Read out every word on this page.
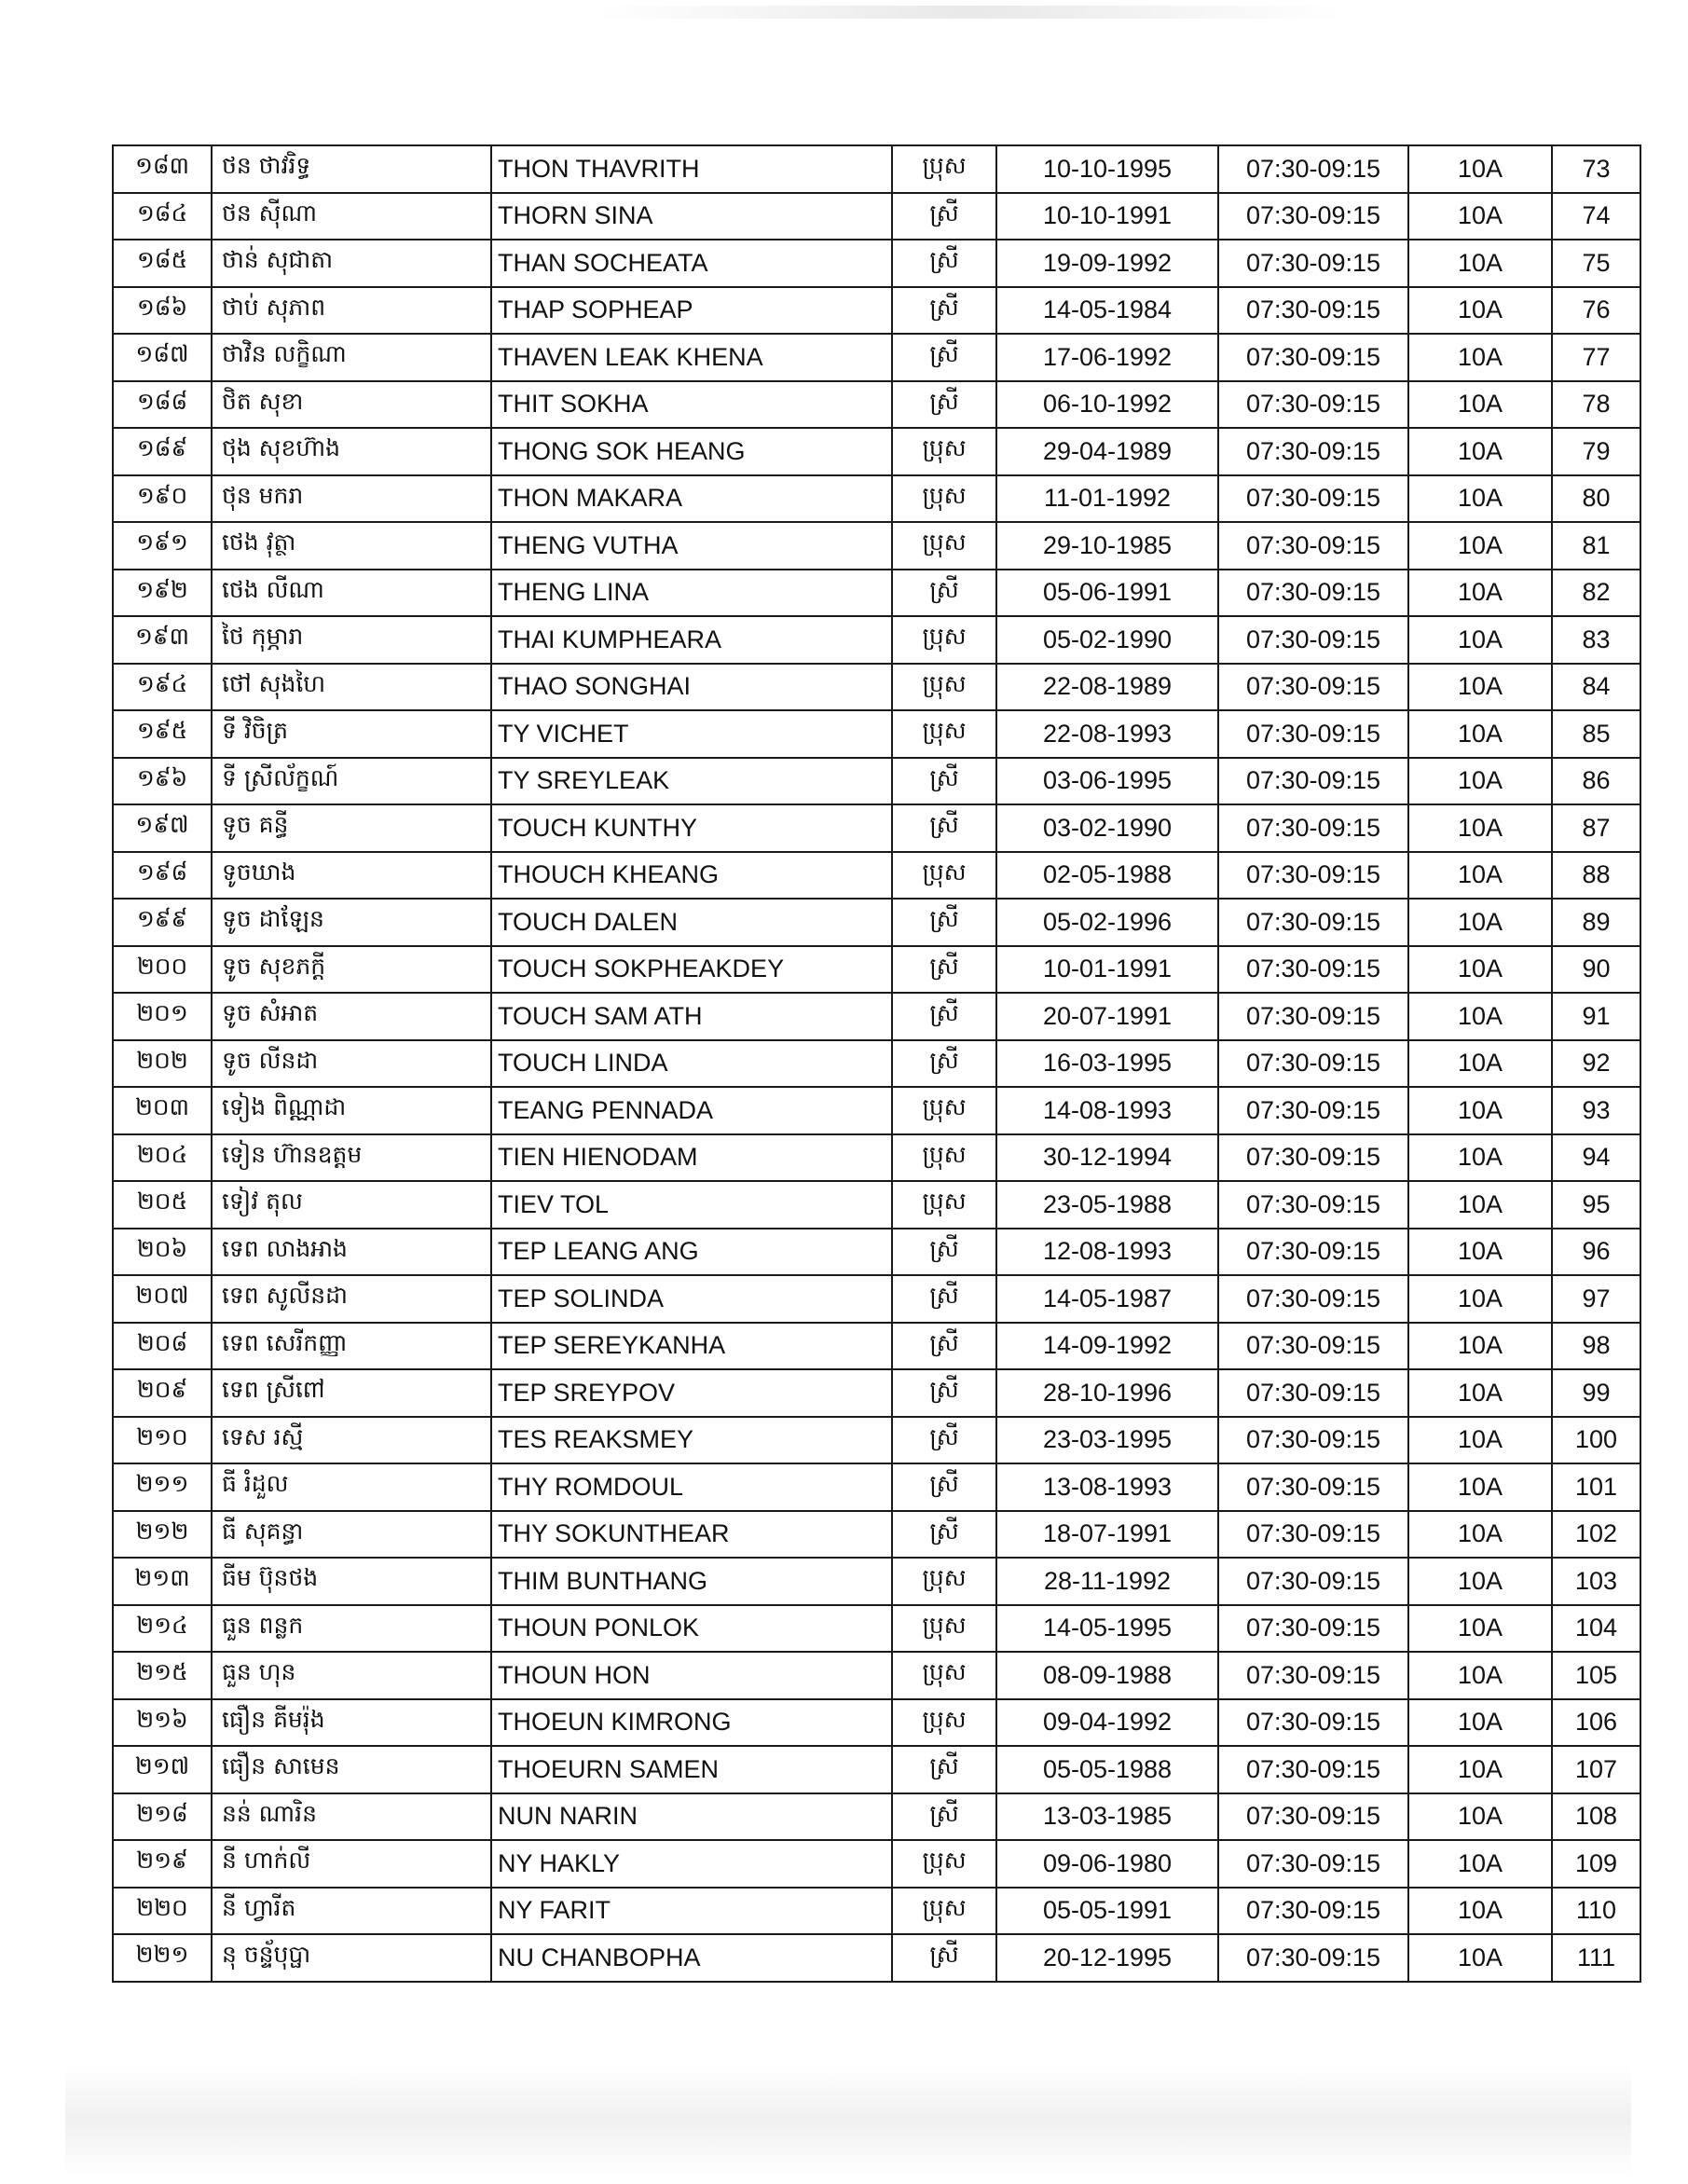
១៨៣	ថន ថាវរិទ្ធ	THON THAVRITH	ប្រុស	10-10-1995	07:30-09:15	10A	73
១៨៤	ថន ស៊ីណា	THORN SINA	ស្រី	10-10-1991	07:30-09:15	10A	74
១៨៥	ថាន់ សុជាតា	THAN SOCHEATA	ស្រី	19-09-1992	07:30-09:15	10A	75
១៨៦	ថាប់ សុភាព	THAP SOPHEAP	ស្រី	14-05-1984	07:30-09:15	10A	76
១៨៧	ថាវិន លក្ខិណា	THAVEN LEAK KHENA	ស្រី	17-06-1992	07:30-09:15	10A	77
១៨៨	ថិត សុខា	THIT SOKHA	ស្រី	06-10-1992	07:30-09:15	10A	78
១៨៩	ថុង សុខហ៊ាង	THONG SOK HEANG	ប្រុស	29-04-1989	07:30-09:15	10A	79
១៩០	ថុន មករា	THON MAKARA	ប្រុស	11-01-1992	07:30-09:15	10A	80
១៩១	ថេង វុត្ថា	THENG VUTHA	ប្រុស	29-10-1985	07:30-09:15	10A	81
១៩២	ថេង លីណា	THENG LINA	ស្រី	05-06-1991	07:30-09:15	10A	82
១៩៣	ថៃ កុម្ភារា	THAI KUMPHEARA	ប្រុស	05-02-1990	07:30-09:15	10A	83
១៩៤	ថៅ សុងហៃ	THAO SONGHAI	ប្រុស	22-08-1989	07:30-09:15	10A	84
១៩៥	ទី វិចិត្រ	TY VICHET	ប្រុស	22-08-1993	07:30-09:15	10A	85
១៩៦	ទី ស្រីល័ក្ខណ៍	TY SREYLEAK	ស្រី	03-06-1995	07:30-09:15	10A	86
១៩៧	ទូច គន្ធី	TOUCH KUNTHY	ស្រី	03-02-1990	07:30-09:15	10A	87
១៩៨	ទូចឃាង	THOUCH KHEANG	ប្រុស	02-05-1988	07:30-09:15	10A	88
១៩៩	ទូច ដាឡែន	TOUCH DALEN	ស្រី	05-02-1996	07:30-09:15	10A	89
២០០	ទូច សុខភក្តី	TOUCH SOKPHEAKDEY	ស្រី	10-01-1991	07:30-09:15	10A	90
២០១	ទូច សំអាត	TOUCH SAM ATH	ស្រី	20-07-1991	07:30-09:15	10A	91
២០២	ទូច លីនដា	TOUCH LINDA	ស្រី	16-03-1995	07:30-09:15	10A	92
២០៣	ទៀង ពិណ្ណាដា	TEANG PENNADA	ប្រុស	14-08-1993	07:30-09:15	10A	93
២០៤	ទៀន ហ៊ានឧត្តម	TIEN HIENODAM	ប្រុស	30-12-1994	07:30-09:15	10A	94
២០៥	ទៀវ តុល	TIEV TOL	ប្រុស	23-05-1988	07:30-09:15	10A	95
២០៦	ទេព លាងអាង	TEP LEANG ANG	ស្រី	12-08-1993	07:30-09:15	10A	96
២០៧	ទេព សូលីនដា	TEP SOLINDA	ស្រី	14-05-1987	07:30-09:15	10A	97
២០៨	ទេព សេរីកញ្ញា	TEP SEREYKANHA	ស្រី	14-09-1992	07:30-09:15	10A	98
២០៩	ទេព ស្រីពៅ	TEP SREYPOV	ស្រី	28-10-1996	07:30-09:15	10A	99
២១០	ទេស រស្មី	TES REAKSMEY	ស្រី	23-03-1995	07:30-09:15	10A	100
២១១	ធី រំដួល	THY ROMDOUL	ស្រី	13-08-1993	07:30-09:15	10A	101
២១២	ធី សុគន្ធា	THY SOKUNTHEAR	ស្រី	18-07-1991	07:30-09:15	10A	102
២១៣	ធីម ប៊ុនថង	THIM BUNTHANG	ប្រុស	28-11-1992	07:30-09:15	10A	103
២១៤	ធួន ពន្លក	THOUN PONLOK	ប្រុស	14-05-1995	07:30-09:15	10A	104
២១៥	ធួន ហុន	THOUN HON	ប្រុស	08-09-1988	07:30-09:15	10A	105
២១៦	ធឿន គីមរ៉ុង	THOEUN KIMRONG	ប្រុស	09-04-1992	07:30-09:15	10A	106
២១៧	ធឿន សាមេន	THOEURN SAMEN	ស្រី	05-05-1988	07:30-09:15	10A	107
២១៨	នន់ ណារិន	NUN NARIN	ស្រី	13-03-1985	07:30-09:15	10A	108
២១៩	នី ហាក់លី	NY HAKLY	ប្រុស	09-06-1980	07:30-09:15	10A	109
២២០	នី ហ្វារីត	NY FARIT	ប្រុស	05-05-1991	07:30-09:15	10A	110
២២១	នុ ចន្ទ័បុប្ផា	NU CHANBOPHA	ស្រី	20-12-1995	07:30-09:15	10A	111
